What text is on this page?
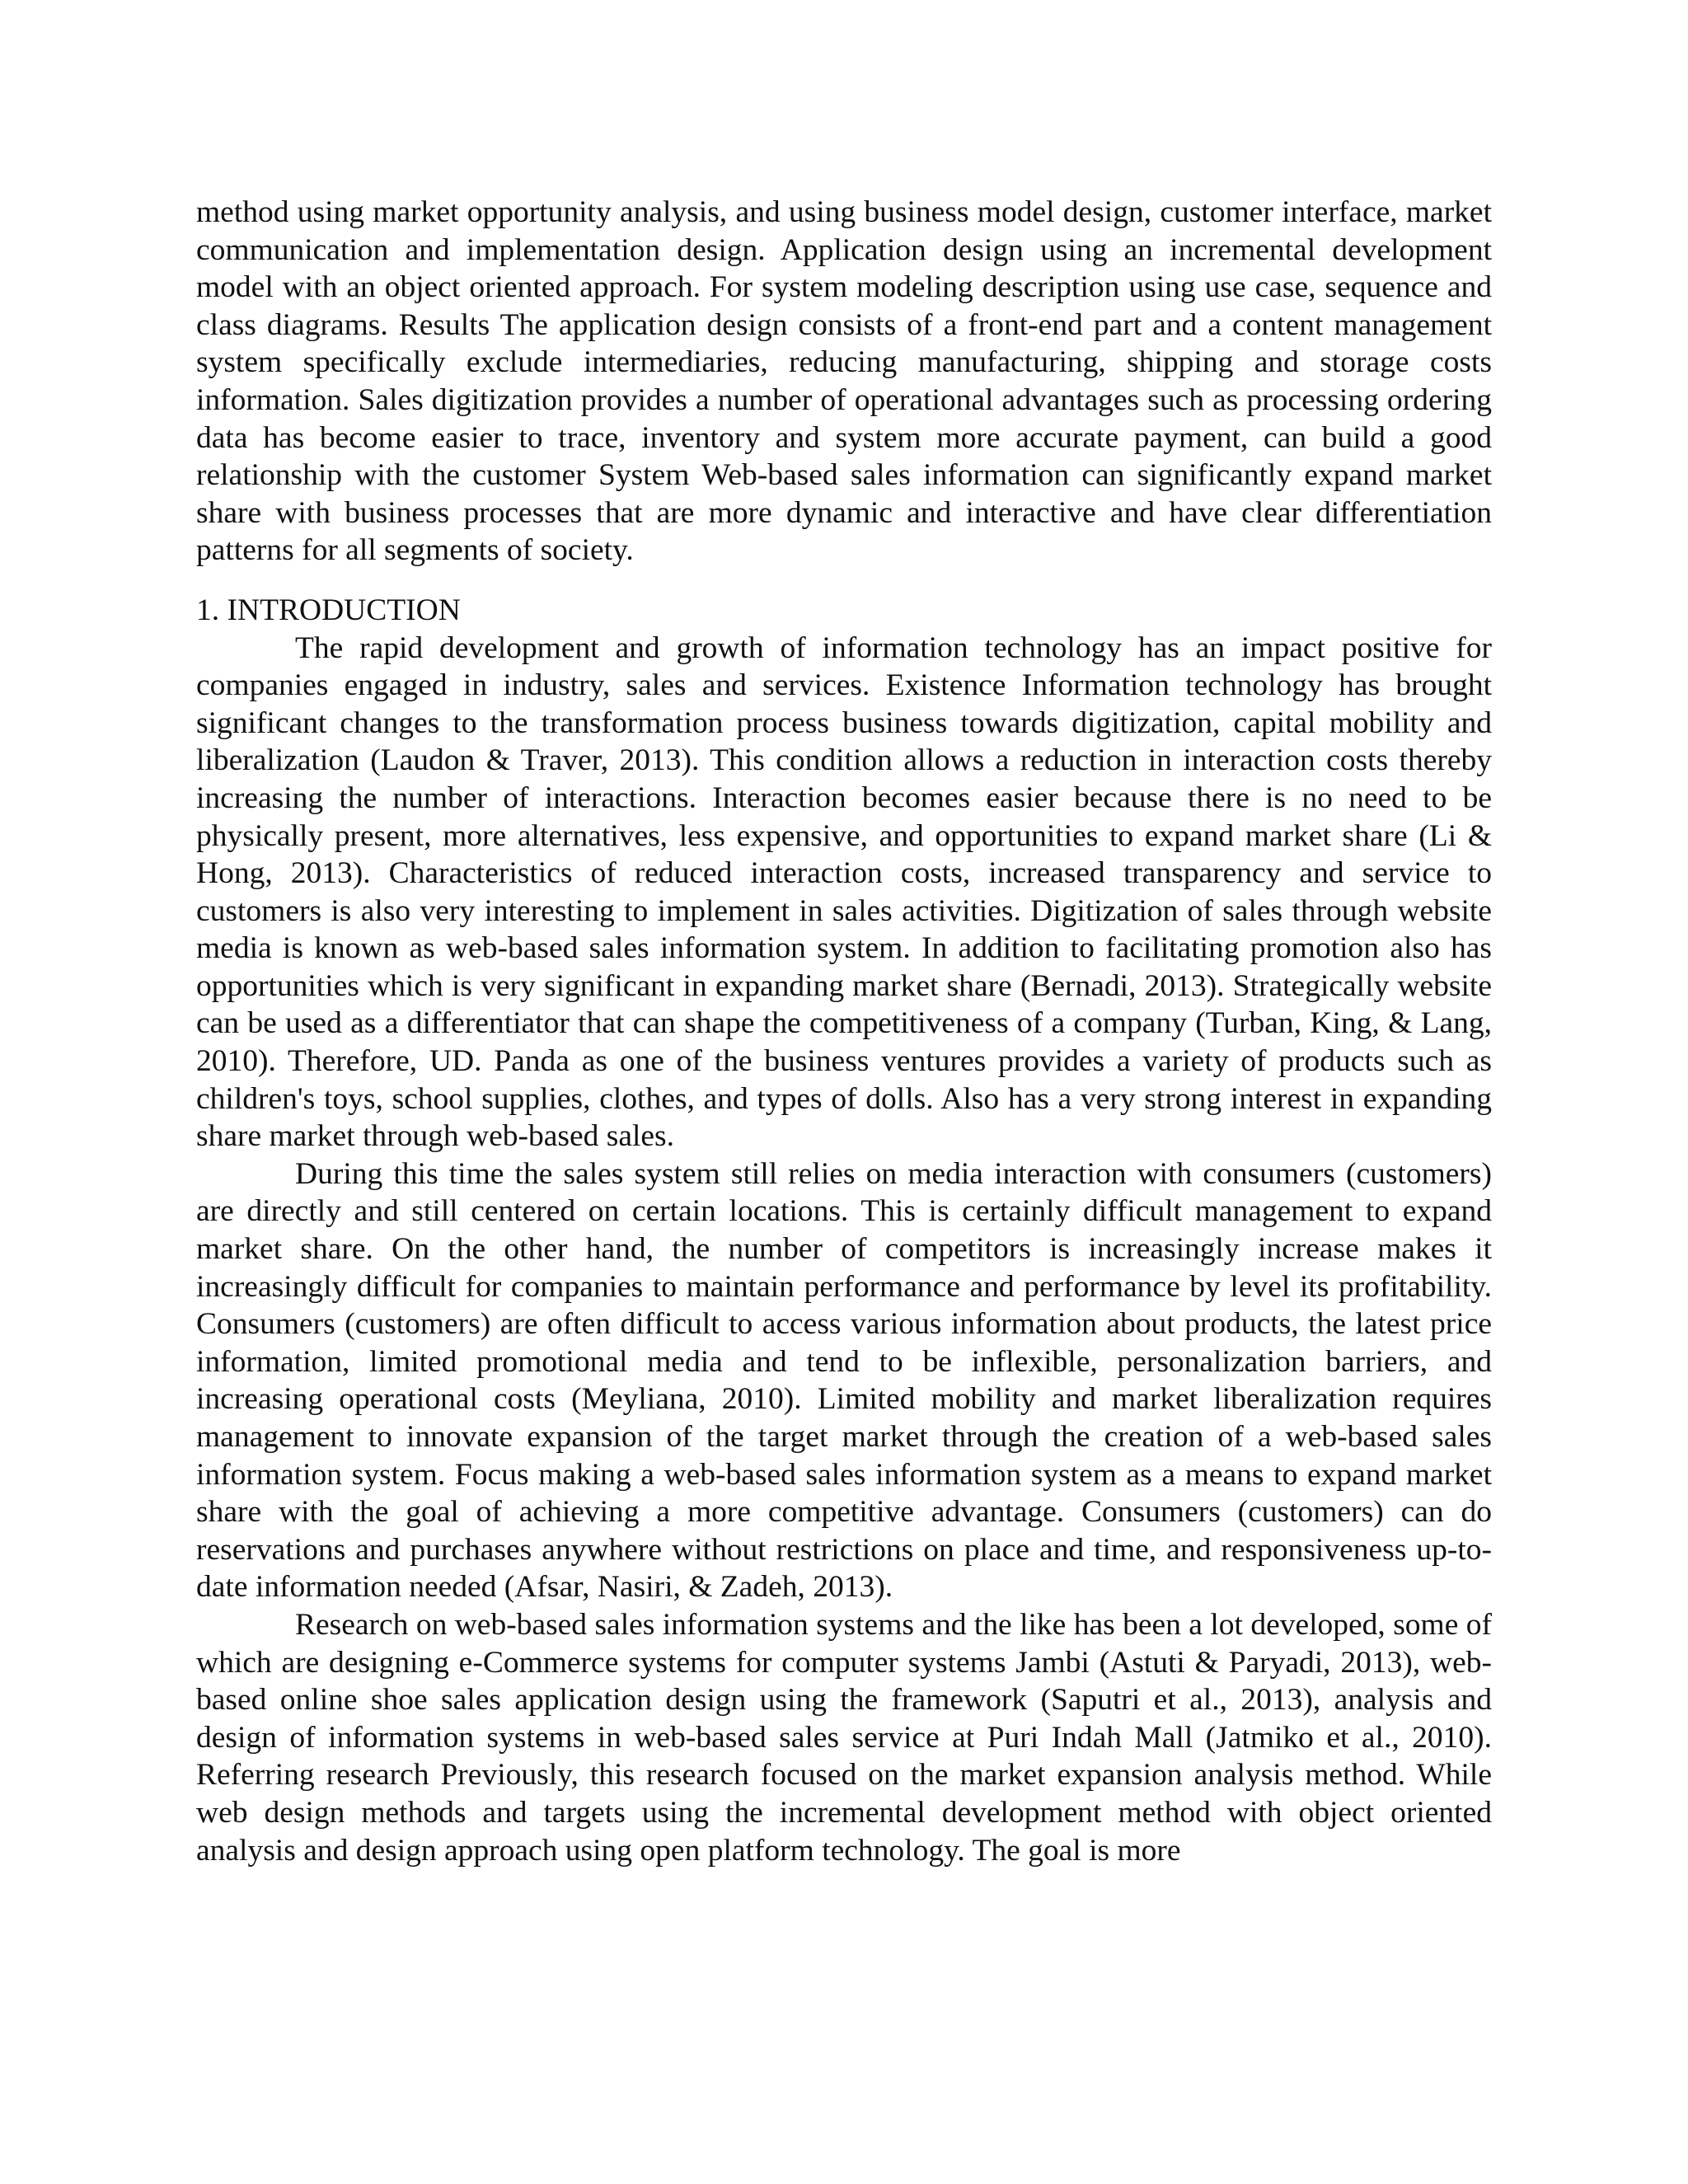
method using market opportunity analysis, and using business model design, customer interface, market communication and implementation design. Application design using an incremental development model with an object oriented approach. For system modeling description using use case, sequence and class diagrams. Results The application design consists of a front-end part and a content management system specifically exclude intermediaries, reducing manufacturing, shipping and storage costs information. Sales digitization provides a number of operational advantages such as processing ordering data has become easier to trace, inventory and system more accurate payment, can build a good relationship with the customer System Web-based sales information can significantly expand market share with business processes that are more dynamic and interactive and have clear differentiation patterns for all segments of society.

1. INTRODUCTION

The rapid development and growth of information technology has an impact positive for companies engaged in industry, sales and services. Existence Information technology has brought significant changes to the transformation process business towards digitization, capital mobility and liberalization (Laudon & Traver, 2013). This condition allows a reduction in interaction costs thereby increasing the number of interactions. Interaction becomes easier because there is no need to be physically present, more alternatives, less expensive, and opportunities to expand market share (Li & Hong, 2013). Characteristics of reduced interaction costs, increased transparency and service to customers is also very interesting to implement in sales activities. Digitization of sales through website media is known as web-based sales information system. In addition to facilitating promotion also has opportunities which is very significant in expanding market share (Bernadi, 2013). Strategically website can be used as a differentiator that can shape the competitiveness of a company (Turban, King, & Lang, 2010). Therefore, UD. Panda as one of the business ventures provides a variety of products such as children's toys, school supplies, clothes, and types of dolls. Also has a very strong interest in expanding share market through web-based sales.

During this time the sales system still relies on media interaction with consumers (customers) are directly and still centered on certain locations. This is certainly difficult management to expand market share. On the other hand, the number of competitors is increasingly increase makes it increasingly difficult for companies to maintain performance and performance by level its profitability. Consumers (customers) are often difficult to access various information about products, the latest price information, limited promotional media and tend to be inflexible, personalization barriers, and increasing operational costs (Meyliana, 2010). Limited mobility and market liberalization requires management to innovate expansion of the target market through the creation of a web-based sales information system. Focus making a web-based sales information system as a means to expand market share with the goal of achieving a more competitive advantage. Consumers (customers) can do reservations and purchases anywhere without restrictions on place and time, and responsiveness up-to-date information needed (Afsar, Nasiri, & Zadeh, 2013).

Research on web-based sales information systems and the like has been a lot developed, some of which are designing e-Commerce systems for computer systems Jambi (Astuti & Paryadi, 2013), web-based online shoe sales application design using the framework (Saputri et al., 2013), analysis and design of information systems in web-based sales service at Puri Indah Mall (Jatmiko et al., 2010). Referring research Previously, this research focused on the market expansion analysis method. While web design methods and targets using the incremental development method with object oriented analysis and design approach using open platform technology. The goal is more
